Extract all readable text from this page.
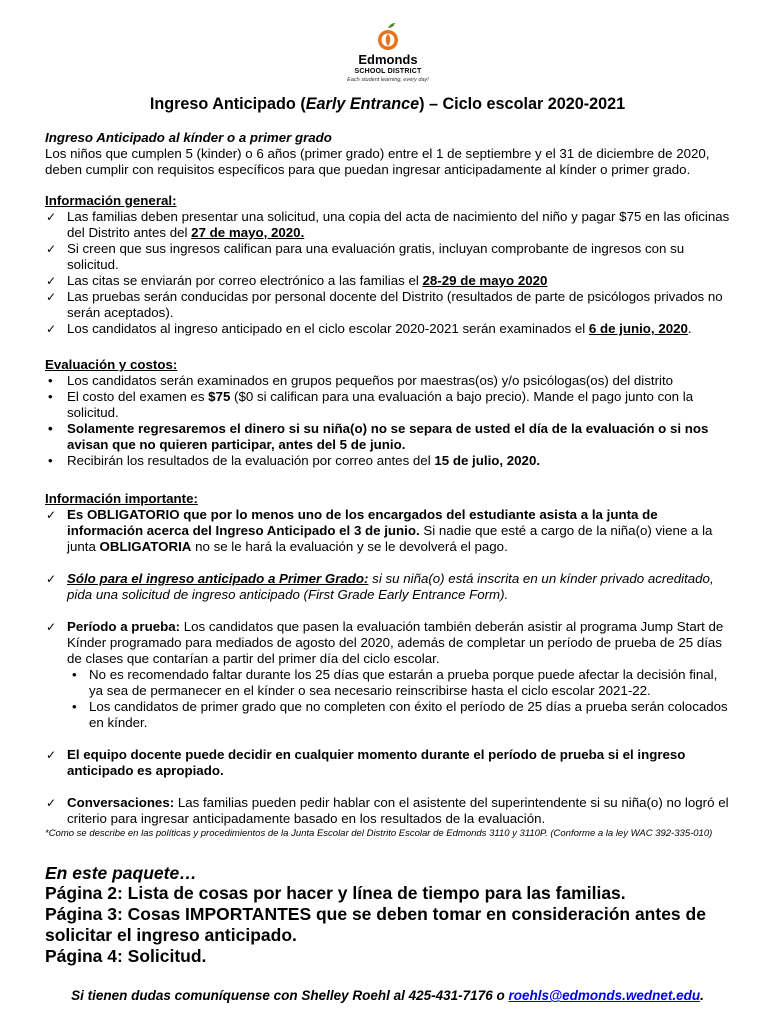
Edmonds
SCHOOL DISTRICT
Each student learning, every day!
Ingreso Anticipado (Early Entrance) – Ciclo escolar 2020-2021
Ingreso Anticipado al kínder o a primer grado
Los niños que cumplen 5 (kinder) o 6 años (primer grado) entre el 1 de septiembre y el 31 de diciembre de 2020, deben cumplir con requisitos específicos para que puedan ingresar anticipadamente al kínder o primer grado.
Información general:
✓ Las familias deben presentar una solicitud, una copia del acta de nacimiento del niño y pagar $75 en las oficinas del Distrito antes del 27 de mayo, 2020.
✓ Si creen que sus ingresos califican para una evaluación gratis, incluyan comprobante de ingresos con su solicitud.
✓ Las citas se enviarán por correo electrónico a las familias el 28-29 de mayo 2020
✓ Las pruebas serán conducidas por personal docente del Distrito (resultados de parte de psicólogos privados no serán aceptados).
✓ Los candidatos al ingreso anticipado en el ciclo escolar 2020-2021 serán examinados el 6 de junio, 2020.
Evaluación y costos:
• Los candidatos serán examinados en grupos pequeños por maestras(os) y/o psicólogas(os) del distrito
• El costo del examen es $75 ($0 si califican para una evaluación a bajo precio). Mande el pago junto con la solicitud.
• Solamente regresaremos el dinero si su niña(o) no se separa de usted el día de la evaluación o si nos avisan que no quieren participar, antes del 5 de junio.
• Recibirán los resultados de la evaluación por correo antes del 15 de julio, 2020.
Información importante:
✓ Es OBLIGATORIO que por lo menos uno de los encargados del estudiante asista a la junta de información acerca del Ingreso Anticipado el 3 de junio. Si nadie que esté a cargo de la niña(o) viene a la junta OBLIGATORIA no se le hará la evaluación y se le devolverá el pago.
✓ Sólo para el ingreso anticipado a Primer Grado: si su niña(o) está inscrita en un kínder privado acreditado, pida una solicitud de ingreso anticipado (First Grade Early Entrance Form).
✓ Período a prueba: Los candidatos que pasen la evaluación también deberán asistir al programa Jump Start de Kínder programado para mediados de agosto del 2020, además de completar un período de prueba de 25 días de clases que contarían a partir del primer día del ciclo escolar.
• No es recomendado faltar durante los 25 días que estarán a prueba porque puede afectar la decisión final, ya sea de permanecer en el kínder o sea necesario reinscribirse hasta el ciclo escolar 2021-22.
• Los candidatos de primer grado que no completen con éxito el período de 25 días a prueba serán colocados en kínder.
✓ El equipo docente puede decidir en cualquier momento durante el período de prueba si el ingreso anticipado es apropiado.
✓ Conversaciones: Las familias pueden pedir hablar con el asistente del superintendente si su niña(o) no logró el criterio para ingresar anticipadamente basado en los resultados de la evaluación.
*Como se describe en las políticas y procedimientos de la Junta Escolar del Distrito Escolar de Edmonds 3110 y 3110P. (Conforme a la ley WAC 392-335-010)
En este paquete…
Página 2: Lista de cosas por hacer y línea de tiempo para las familias.
Página 3: Cosas IMPORTANTES que se deben tomar en consideración antes de solicitar el ingreso anticipado.
Página 4: Solicitud.
Si tienen dudas comuníquense con Shelley Roehl al 425-431-7176 o roehls@edmonds.wednet.edu.
